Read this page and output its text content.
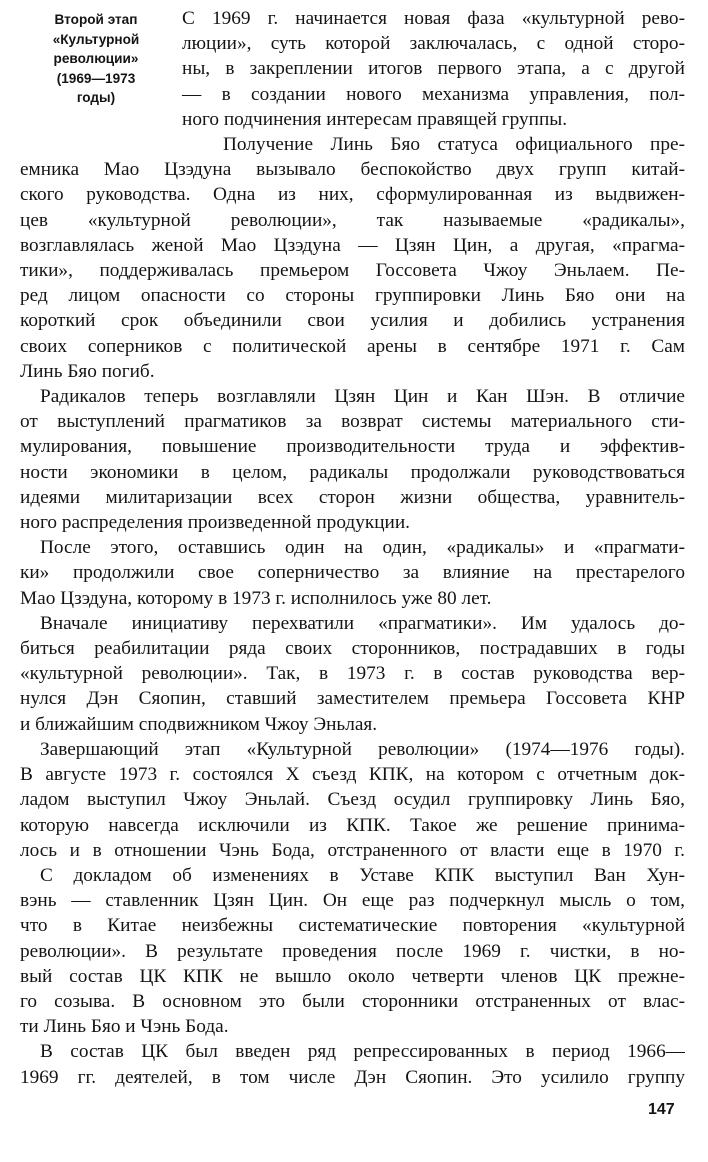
Второй этап
«Культурной
революции»
(1969—1973
годы)
С 1969 г. начинается новая фаза «культурной рево-
люции», суть которой заключалась, с одной сторо-
ны, в закреплении итогов первого этапа, а с другой
— в создании нового механизма управления, пол-
ного подчинения интересам правящей группы.
Получение Линь Бяо статуса официального пре-
емника Мао Цзэдуна вызывало беспокойство двух групп китай-
ского руководства. Одна из них, сформулированная из выдвижен-
цев «культурной революции», так называемые «радикалы»,
возглавлялась женой Мао Цзэдуна — Цзян Цин, а другая, «прагма-
тики», поддерживалась премьером Госсовета Чжоу Эньлаем. Пе-
ред лицом опасности со стороны группировки Линь Бяо они на
короткий срок объединили свои усилия и добились устранения
своих соперников с политической арены в сентябре 1971 г. Сам
Линь Бяо погиб.
Радикалов теперь возглавляли Цзян Цин и Кан Шэн. В отличие
от выступлений прагматиков за возврат системы материального сти-
мулирования, повышение производительности труда и эффектив-
ности экономики в целом, радикалы продолжали руководствоваться
идеями милитаризации всех сторон жизни общества, уравнитель-
ного распределения произведенной продукции.
После этого, оставшись один на один, «радикалы» и «прагмати-
ки» продолжили свое соперничество за влияние на престарелого
Мао Цзэдуна, которому в 1973 г. исполнилось уже 80 лет.
Вначале инициативу перехватили «прагматики». Им удалось до-
биться реабилитации ряда своих сторонников, пострадавших в годы
«культурной революции». Так, в 1973 г. в состав руководства вер-
нулся Дэн Сяопин, ставший заместителем премьера Госсовета КНР
и ближайшим сподвижником Чжоу Эньлая.
Завершающий этап «Культурной революции» (1974—1976 годы).
В августе 1973 г. состоялся X съезд КПК, на котором с отчетным док-
ладом выступил Чжоу Эньлай. Съезд осудил группировку Линь Бяо,
которую навсегда исключили из КПК. Такое же решение принима-
лось и в отношении Чэнь Бода, отстраненного от власти еще в 1970 г.
С докладом об изменениях в Уставе КПК выступил Ван Хун-
вэнь — ставленник Цзян Цин. Он еще раз подчеркнул мысль о том,
что в Китае неизбежны систематические повторения «культурной
революции». В результате проведения после 1969 г. чистки, в но-
вый состав ЦК КПК не вышло около четверти членов ЦК прежне-
го созыва. В основном это были сторонники отстраненных от влас-
ти Линь Бяо и Чэнь Бода.
В состав ЦК был введен ряд репрессированных в период 1966—
1969 гг. деятелей, в том числе Дэн Сяопин. Это усилило группу
147
